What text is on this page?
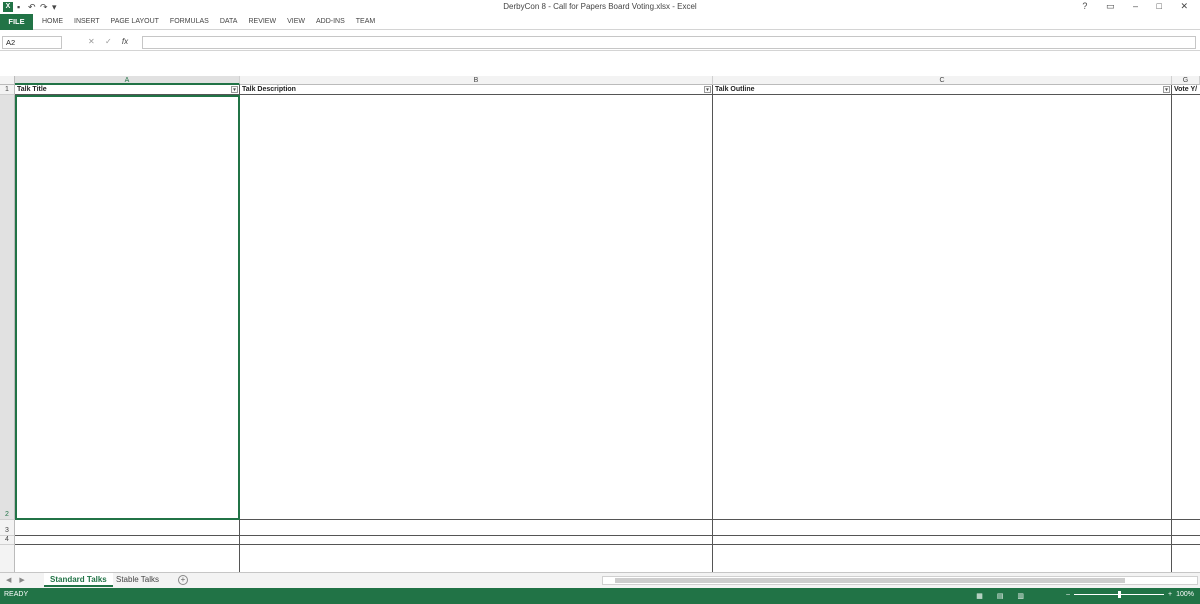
X ▪ ↶ ↷ ▾	DerbyCon 8 - Call for Papers Board Voting.xlsx - Excel	? ▭ – □ ✕
FILE	HOME INSERT PAGE LAYOUT FORMULAS DATA REVIEW VIEW ADD-INS TEAM
A2	✕ ✓ fx
A	B	C	G
1
2
3
4
Talk Title	▾ Talk Description	▾ Talk Outline	▾ Vote Y/
◀ ▶	Standard Talks	Stable Talks	+
READY	▦ ▤ ▥	–	+ 100%
